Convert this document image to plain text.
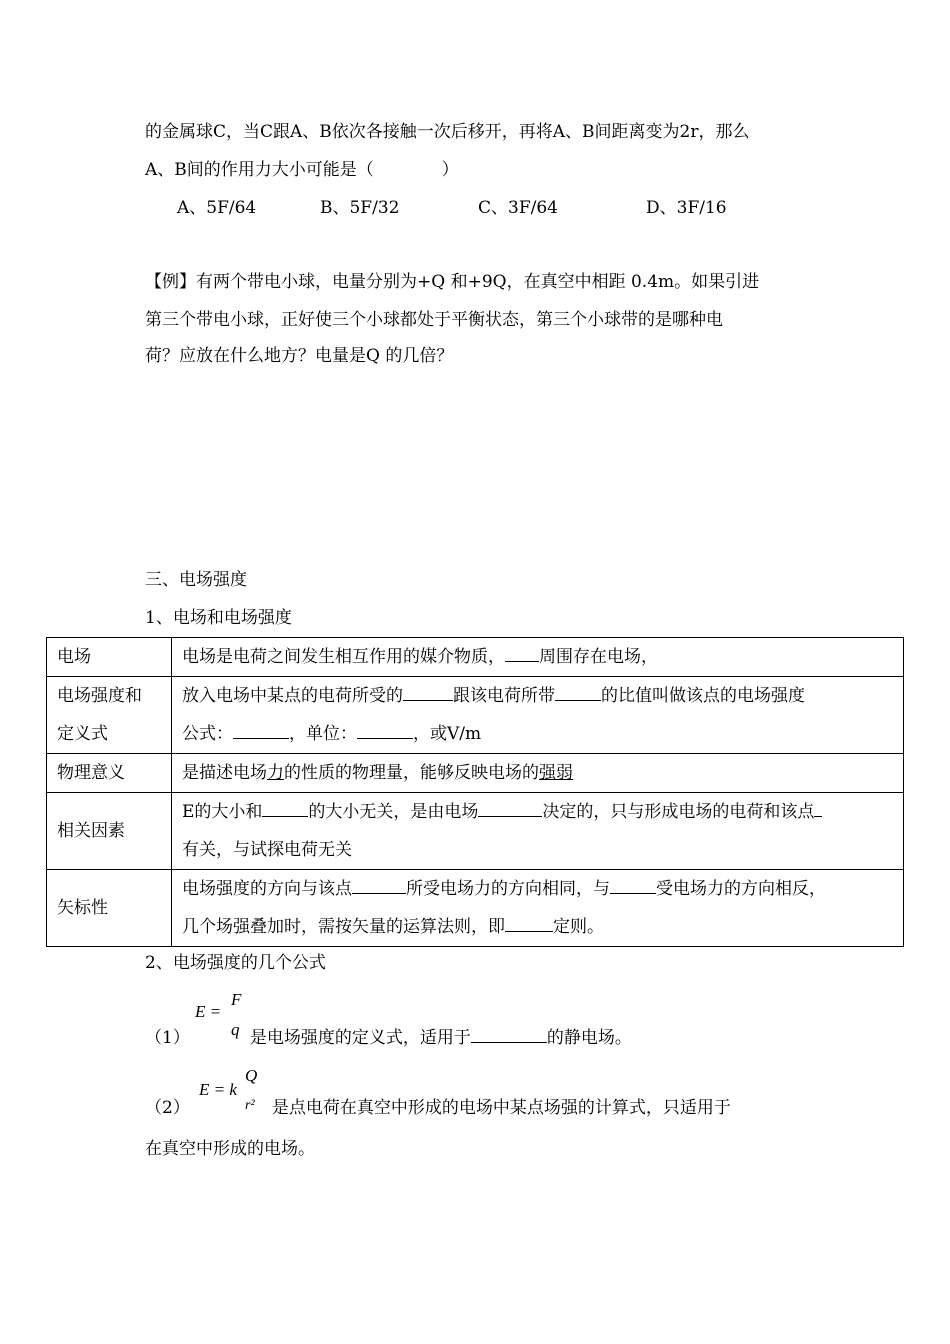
的金属球C，当C跟A、B依次各接触一次后移开，再将A、B间距离变为2r，那么
A、B间的作用力大小可能是（　　　　）
A、5F/64	B、5F/32	C、3F/64	D、3F/16
【例】有两个带电小球，电量分别为+Q 和+9Q，在真空中相距 0.4m。如果引进
第三个带电小球，正好使三个小球都处于平衡状态，第三个小球带的是哪种电
荷？应放在什么地方？电量是Q 的几倍？
三、电场强度
1、电场和电场强度
电场	电场是电荷之间发生相互作用的媒介物质， 周围存在电场，

电场强度和
定义式	放入电场中某点的电荷所受的 跟该电荷所带 的比值叫做该点的电场强度
公式： ，单位： ，或V/m

物理意义	是描述电场力的性质的物理量，能够反映电场的强弱

相关因素	E的大小和 的大小无关，是由电场 决定的，只与形成电场的电荷和该点
有关，与试探电荷无关

矢标性	电场强度的方向与该点 所受电场力的方向相同，与 受电场力的方向相反，
几个场强叠加时，需按矢量的运算法则，即 定则。
2、电场强度的几个公式
E =
F
q
（1）	是电场强度的定义式，适用于	的静电场。
E = k
Q
r²
（2）	是点电荷在真空中形成的电场中某点场强的计算式，只适用于
在真空中形成的电场。
